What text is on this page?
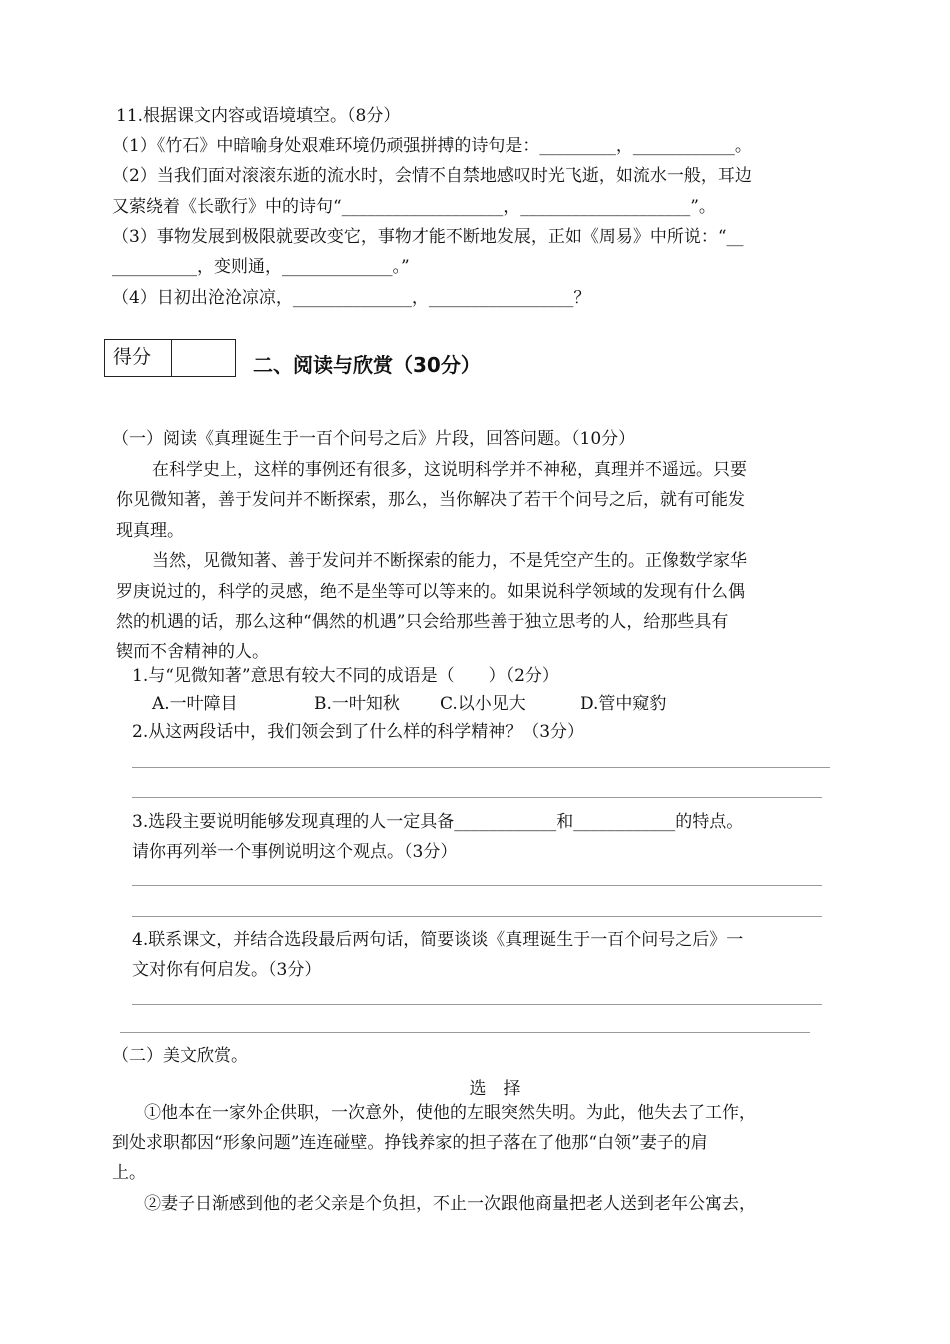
11.根据课文内容或语境填空。（8分）
（1）《竹石》中暗喻身处艰难环境仍顽强拼搏的诗句是：_________，____________。
（2）当我们面对滚滚东逝的流水时，会情不自禁地感叹时光飞逝，如流水一般，耳边
又萦绕着《长歌行》中的诗句“___________________，____________________”。
（3）事物发展到极限就要改变它，事物才能不断地发展，正如《周易》中所说：“__
__________，变则通，_____________。”
（4）日初出沧沧凉凉，______________，_________________？
得分	二、阅读与欣赏（30分）
（一）阅读《真理诞生于一百个问号之后》片段，回答问题。（10分）
在科学史上，这样的事例还有很多，这说明科学并不神秘，真理并不遥远。只要
你见微知著，善于发问并不断探索，那么，当你解决了若干个问号之后，就有可能发
现真理。
当然，见微知著、善于发问并不断探索的能力，不是凭空产生的。正像数学家华
罗庚说过的，科学的灵感，绝不是坐等可以等来的。如果说科学领域的发现有什么偶
然的机遇的话，那么这种“偶然的机遇”只会给那些善于独立思考的人，给那些具有
锲而不舍精神的人。
1.与“见微知著”意思有较大不同的成语是（　　）（2分）
A.一叶障目	B.一叶知秋 C.以小见大	D.管中窥豹
2.从这两段话中，我们领会到了什么样的科学精神？（3分）
3.选段主要说明能够发现真理的人一定具备____________和____________的特点。
请你再列举一个事例说明这个观点。（3分）
4.联系课文，并结合选段最后两句话，简要谈谈《真理诞生于一百个问号之后》一
文对你有何启发。（3分）
（二）美文欣赏。
选　择
①他本在一家外企供职，一次意外，使他的左眼突然失明。为此，他失去了工作，
到处求职都因“形象问题”连连碰壁。挣钱养家的担子落在了他那“白领”妻子的肩
上。
②妻子日渐感到他的老父亲是个负担，不止一次跟他商量把老人送到老年公寓去，
